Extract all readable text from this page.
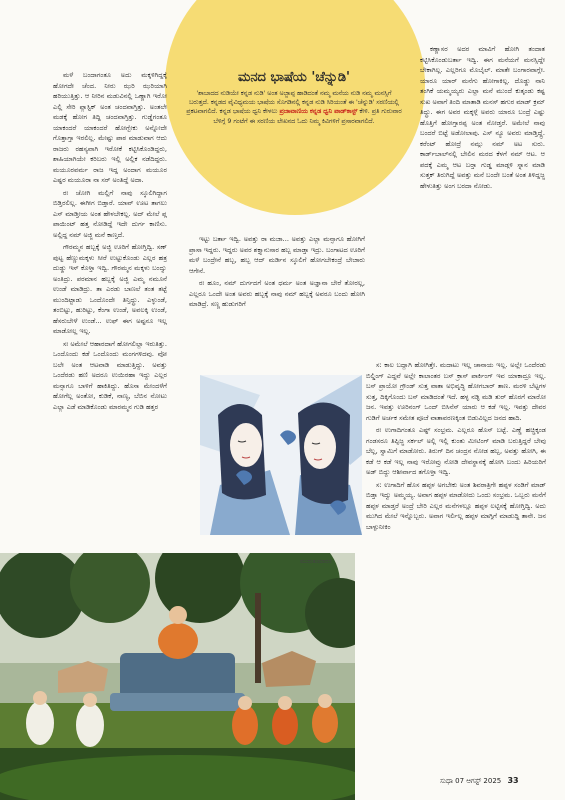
ಮನದ ಭಾಷೆಯ 'ಚೆನ್ನುಡಿ'
'ಶಾಬಾದದ ನುಡಿಯೇ ಕನ್ನಡ ನುಡಿ' ಅಂತ ಅಜ್ಜಾಪ್ಪ ಹಾಡಿದಂತೆ ನಮ್ಮ ಮನೆಯ ನುಡಿ ನಮ್ಮ ಮನಸ್ಸಿಗೆ ಬರುತ್ತದೆ. ಕನ್ನಡದ ವೈವಿಧ್ಯಮಯ ಭಾಷೆಯ ಸೊಗಡಿನಲ್ಲಿ ಕನ್ನಡ ನುಡಿ ಸಿರಿಯಂತೆ ಈ 'ಚೆನ್ನುಡಿ' ಸರಣಿಯಲ್ಲಿ ಪ್ರಕಟವಾಗಲಿದೆ. ಕನ್ನಡ ಭಾಷೆಯ ಧ್ವನಿ ಕೇಳಲು ಪ್ರಜಾವಾಣಿಯ ಕನ್ನಡ ಧ್ವನಿ ಪಾಡ್‌ಕಾಸ್ಟ್ ಕೇಳಿ. ಪ್ರತಿ ಗುರುವಾರ ಬೆಳಿಗ್ಗೆ 9 ಗಂಟೆಗೆ ಈ ಸರಣಿಯ ಲೇಖನದ ಓದು ನಿಮ್ಮ ಕಿವಿಗಳಿಗೆ ಪ್ರಸಾರವಾಗಲಿದೆ.

ಮಳೆ ಬಂದಾಗಂತೂ ಅದು ಮಕ್ಕಳಿಗಿದ್ದಕ್ಕೆ ಹೋಗದೇ ಚೆಂದ. ನೀರು ಝರಿ ಝರಿಯಾಗಿ ಹರಿಯುತ್ತಿತ್ತು. ಆ ನೀರಿನ ಮಡುವಿನಲ್ಲಿ ಒಣ್ಣಾಗಿ ಇರೋ ಎಲ್ಲಿ ಸೇರಿ ಪ್ಲಾಸ್ಟಿಕ್ ಅಂತ ಚಂದವಾಗ್ತಿತ್ತು. ಅಂತಲೇ ಮಡಕ್ಕೆ ಹೋಗ ತಿದ್ದಿ ಚಂದವಾಗ್ತಿತ್ತು. ಗುಡ್ಡೆಗಂತೂ ಯಾಕಂದರೆ ಯಾಕಂದರೆ ಹೋಗ್ಬೇಕು ಅನ್ನೋದೇ ಗೊತ್ತಾಗ್ತಾ ಇರಲಿಲ್ಲ. ಮೇಷ್ಟು ಪಾಠ ಮಾಡುವಾಗ ಆದು ರಾಜರು ರಹಸ್ಯವಾಗಿ ಇರೋಕೆ ಕಟ್ಟಿಸಿಕೊಂಡಿದ್ದರು, ಶಾಹಿಯಾಗಿಯೇ ಕರಿಬರು ಇಲ್ಲಿ ಅಲ್ಲಿಕ ನಡೆದಿದ್ದರು. ಮಯೂರವರ್ಮ ರಾಜ ಇದ್ದ ಅಂದಾಗ ಮಯೂರ ಎಷ್ಟರ ಮಯೂರಾ ನಾ ಸರ್ ಅಂತಿದ್ದೆ ಅದಾ.

ರಃ ಚೋಗಿ ಮಲ್ಲಿಗೆ ನಾವು ಸ್ಕೂಲಿಗಿದ್ದಾಗ ಬಿಡ್ತಿರಲಿಲ್ಲ. ಈಗೀಗ ಬಿಡ್ತಾರೆ. ಯಾವ್ ಊಟ ತಾಗಲು ಎಸ್ ಮಾಡ್ತೀಯ ಅಂತ ಹೇಳಬೇಕಲ್ಲ. ಅದ್ ಮೇಲೆ ಪ್ಲ ಪಾಯಿಂಟ್ ಹತ್ತ ನೋಡಿದ್ದೆ ಇದೇ ದುರ್ಗ ಕಾಣಿಸು. ಅಲ್ಲಿದ್ದ ನಮ್ ಅಜ್ಜಿ ಮನೆ ಕಾಣ್ತದೆ.

ಗೌರಮ್ಮನ ಹಬ್ಬಕ್ಕೆ ಅಜ್ಜಿ ಊರಿಗೆ ಹೋಗ್ತಿದ್ವಿ. ಸಣ್ ಪುಟ್ಟ ಹೆಣ್ಣುಮಕ್ಕಳು ಸೀರೆ ಉಟ್ಟುಕೊಂಡು ಎಲ್ಲರ ಹತ್ರ ದುಡ್ಡು ಇಸ್ ಕೊಳ್ತಾ ಇದ್ವಿ. ಗೌರಮ್ಮನ ಮಕ್ಕಳು ಬಂದ್ವು ಅಂತಿದ್ರು. ಪರಮಾನ ಹಬ್ಬಕ್ಕೆ ಅಜ್ಜಿ ಎಮ್ಮ ನಮೂನೆ ಉಂಡೆ ಮಾಡಿದ್ರು. ತಾ ಎರಡು ಬಾಣಲೆ ತಂತ ತಟ್ಟೆ ಮುಂದಿಟ್ಟಾಡು ಒಂದೊಂದೇ ತಿನ್ತಿದ್ದ್ರು. ಎಳ್ಳುಂಡೆ, ತಂಬಿಟ್ಟು, ಹುರಿಟ್ಟು, ಕೆಂಗಾ ಉಂಡೆ, ಅವಲಕ್ಕಿ ಉಂಡೆ, ಹೆಸರುಬೇಳೆ ಉಂಡೆ... ಉಫ್ ಈಗ ಅಷ್ಟನೂ ಇಲ್ಲ ಮಾಡೋಲ್ಲ ಇಲ್ಲ.

ಸಃ ಅಮೇಲೆ ಆಹಾರದಾಗೆ ಹೋಗಲಿಲ್ಲಾ ಇರುತಿತ್ತು. ಒಂದೊಂದು ಕಡೆ ಒಂದೊಂದು ಮಂಗಗಳಿದವು. ವೋ ಬಲೇ ಅಂತ ಆಟವಾಡಿ ಮಾಡುತ್ತಿದ್ದು. ಅವತ್ತು ಒಂದೆರಡು ಹಣಿ ಅದರೂ ಉಯಿರಹಾ ಇದ್ದು ಎಲ್ಲರ ಮನ್ಸಾಗೂ ಬಾಳಿಗೆ ಹಾಕಿತಿದ್ದು. ಹೊಸಾ ಮೇಂದಳೆಗೆ ಹೋಗೆಲ್ಲ ಅಂತೋ, ಕುಡಿಕೆ, ನಾಣ್ಯ, ಬೆಬಿನ ನೋಟು ಎಲ್ಲಾ ಎಡೆ ಮಾಡಿಕೊಂಡು ಮಾರಮ್ಮನ ಗುಡಿ ಹತ್ತರ

ಇಟ್ಟು ಬರ್ತಾ ಇದ್ವಿ. ಅವತ್ತು ರಾ ಮಜಾ... ಅವತ್ತು ಎಲ್ಲಾ ಮನ್ಸಾಗೂ ಹೋಗಿಗೆ ಪ್ರಾಸಾ ಇದ್ದರು. ಇದ್ದರು ಅವರ ಶಕ್ತ್ಯಾನುಸಾರ ಹಬ್ಬ ಮಾಡ್ತಾ ಇದ್ರು. ಬಂಗಾಟದ ಊರಿಗೆ ಮಳೆ ಬಂದ್ರೇನೆ ಹಬ್ಬ, ಹಬ್ಬ ಆದ್ ಮರ್ಡಿನ ಸ್ಕೂಲಿಗೆ ಹೋಗಬೇಕಂದ್ರೆ ಬೇಜಾರು ಆಗೇನೆ.

ರಃ ಹೂಂ, ನಮ್ ದುರ್ಗದಗೆ ಅಂತ ಧರ್ಮ ಅಂತ ಅಜ್ಞಾನಾ ಬೇರೆ ತೋರಲ್ಲ, ಎಲ್ಲರೂ ಒಂದೇ ಅಂತ ಅವರು ಹಬ್ಬಕ್ಕೆ ನಾವು ನಮ್ ಹಬ್ಬಕ್ಕೆ ಅವರೂ ಬಂದು ಹೋಗಿ ಮಾಡಿದ್ರೆ. ಸಣ್ಣ ಹುಡುಗರಿಗೆ

ಕಣ್ಣಾಸರ ಅದರ ಮಾವಿಗೆ ಹೋಗಿ ತಂದಾತ ಕಟ್ಟಿಸಿಕೊಂಡುಬರ್ತಾ ಇದ್ವಿ. ಈಗ ಮನೆಯಗೆ ಮನಸ್ಸಿದ್ದೇ ಬೇಕಾಗಿಲ್ಲ. ಎಲ್ಲರಿಗೂ ಮೊಬೈಲ್. ಮಾತೇ ಬಂಗಾರವಾಗ್ಲೇ. ಯಾರೂ ಯಾರ್ ಮನೆಗು ಹೋಗಾಕಿಲ್ಲ. ದೊಡ್ಡು ನಾನಿ ತಂಗಿಕೆ ಯಮ್ಮಯ್ಯರು ಎಲ್ಲಾ ಮನೆ ಮುಂದೆ ಕುತ್ಕಂಡು ಕಷ್ಟ ಸುಖ ಅವಾಗೆ ತಿಂದಿ ಮಾತಾಡಿ ಮನಸ್ ಹಗುರ ಮಾಡ್ ಕ್ರಮ್ ತಿದ್ದ್ರು. ಈಗ ಅವರ ಮಕ್ಕಳ್ಗೆ ಅವರು ಯಾರೂ ಬಂದ್ರೆ ಎಷ್ಟು ಹೊತ್ತಿಗೆ ಹೋಗ್ತಾರಪ್ಪ ಅಂತ ನೋಡ್ತರೆ. ಅಮೇಲೆ ನಾವು ಬಂದರೆ ಬಿಟ್ಟೆ ಅಡೋಲಾಪು. ಎಸ್ ನ್ಯೂ ಅವರು ಮಾಡ್ತಿದ್ದ್ರೆ. ಕರೆಂಟ್ ಹೋದ್ರೆ ನಮ್ಗು ನಮ್ ಅಟ ಸುರು. ಕಾರ್ಡ್‌ಬಾಲ್‌ನಲ್ಲಿ ಬೇಲಿನ ಮರದ ಕೆಳಗೆ ನಮ್ ಆಟ. ಆ ಪದಕ್ಕೆ ಎಮ್ಮ ಆಟ ಬರ‍್ತಾ ಗುಡ್ಡ ಮಾಡ್ಗಳಿ ಸ್ನಾನ ಮಾಡಿ ಸುತ್ತಕ್ ತಿರುಗಿದ್ದೆ ಅವತ್ತು ಮನೆ ಬಂದೇ ಬಂತೆ ಅಂತ ತಿಳಿದ್ದಜ್ಜ ಹೇಳುತಿತ್ತು ಅಂಗ ಬರದಾ ನೋಡು.

ಸ: ಕಾಲ ಬದ್ಲಾಗಿ ಹೋಗಿತ್ತೇ. ಮದಾಟು ಇಲ್ಲ ಚಾನಾಯ ಇಲ್ಲ. ಅಲ್ಲೇ ಒಂದೆರಡು ಬಿಲ್ಡಿಂಗ್ ಎದ್ದವೆ ಅಲ್ಲೇ ಕಾಲಾಂತರ ಬಸ್ ಕ್ರಾಸ್ ಪಾರ್ಕಿಂಗ್ ಇವ ಯಾಕಾದ್ರೂ ಇಲ್ಲ. ಬಸ್ ಪ್ರಾಯೋ ಗ್ರೌಂಡ್ ಸುತ್ತ ವಾತಾ ಅಭಿವೃದ್ಧಿ ಹೋಗಬಾರ್ ತಾಣ. ಮರಳಿ ಬೆಟ್ಟಗಳ ಸುತ್ತ, ದಿಕ್ಕಿಗೊಂದು ಬಸ್ ಮಾಡಿದಂತೆ ಇದೆ. ಹಳ್ಳ ನಡ್ಳಿ ಮಡಿ ತುರ್ ಹೊರಗೆ ಮಾರೋ ಜನ. ಇವತ್ತು ಊರಿನಂಗ್ ಒಂದ್ ಬಿಸಿನೆಸ್ ಯಾರು ಆ ಕಡೆ ಇಲ್ಲ. ಇವತ್ತು ದೇವರ ಗುಡಿಗೆ ಅರ್ಚಕ ಸಮೇತ ಪೂಜೆ ವಾತಾವರಣಕ್ಕಿಂತ ಬಿಡುವಿಲ್ಲದ ಜನದ ಹಾದಿ.

ರಃ ಉಗಾದಿಗಂತೂ ಎಷ್ಟ್ ಸಂಭ್ರಮ. ಎಲ್ಲರೂ ಹೊಸ್ ಬಟ್ಟೆ. ಎಣ್ಣೆ ಹಚ್ಚಿಕ್ಕಂಡ ಗಂಡಸರೂ ತಿಪ್ಪಿಜ್ಜ ಸರ್ಕಲ್ ಅಲ್ಲಿ ಇಲ್ಲಿ ಕುಂತು ಮೀಟಿಂಗ್ ಮಾಡಿ ಬರುತ್ತಿದ್ದರೆ ಬೇವು ಬೆಲ್ಲ, ಸ್ವಾಮಿಗೆ ಮಾಡೋರು. ತಿರುಗ್ ದಿನ ಚಂದ್ರನ ನೋಡ ಹಬ್ಬ, ಅವತ್ತು ಹೋಗಿ, ಈ ಕಡೆ ಆ ಕಡೆ ಇಲ್ಲ ನಾವು ಇರೋವ್ರು ನೋಡಿ ದೇವಸ್ಥಾನಕ್ಕೆ ಹೋಗಿ ಬಂದು ಹಿರಿಯರಿಗೆ ಅಡ್ ಬಿದ್ದು ಆಶೀರ್ವಾದ ತಗೊಳ್ತಾ ಇದ್ವಿ.

ಸ: ಉಗಾದಿಗೆ ಹೊಸ ಹಪ್ಪಳ ಅಗಬೇಕು ಅಂತ ಶಿವರಾತ್ರಿಗೇ ಹಪ್ಪಳ ಸಂಡಿಗೆ ಮಾಡ್ ಬಿಡ್ತಾ ಇದ್ವು ಅಮ್ಮಯ್ಯ. ಅವಾಗ ಹಪ್ಪಳ ಮಾಡೋದು ಒಂದು ಸಂಭ್ರಮ. ಒಬ್ಬರು ಮನೆಗೆ ಹಪ್ಪಳ ಮಾಡ್ತರೆ ಅಂದ್ರೆ ಬೇರಿ ಎಲ್ಲರ ಮನೆಗಳಲ್ಲೂ ಹಪ್ಪಳ ಲಟ್ಟಿಸಕ್ಕೆ ಹೋಗ್ತಿದ್ವಿ. ಅದು ಮುಗಿದ ಮೇಲೆ ಇನ್ನೊಬ್ಬರು. ಅವಾಗ ಇರ್ಲಿಲ್ಲ ಹಪ್ಪಳ ಮಾಗ್ಗಿಗೆ ಮಾಡುದ್ದಿ ತಾನೇ. ಜನ ಬಾಳ್ಪುನೀಕಿಂ

ಮುರುಕುಮಾರನ
ಸುಧಾ 07 ಆಗಸ್ಟ್ 2025 33
